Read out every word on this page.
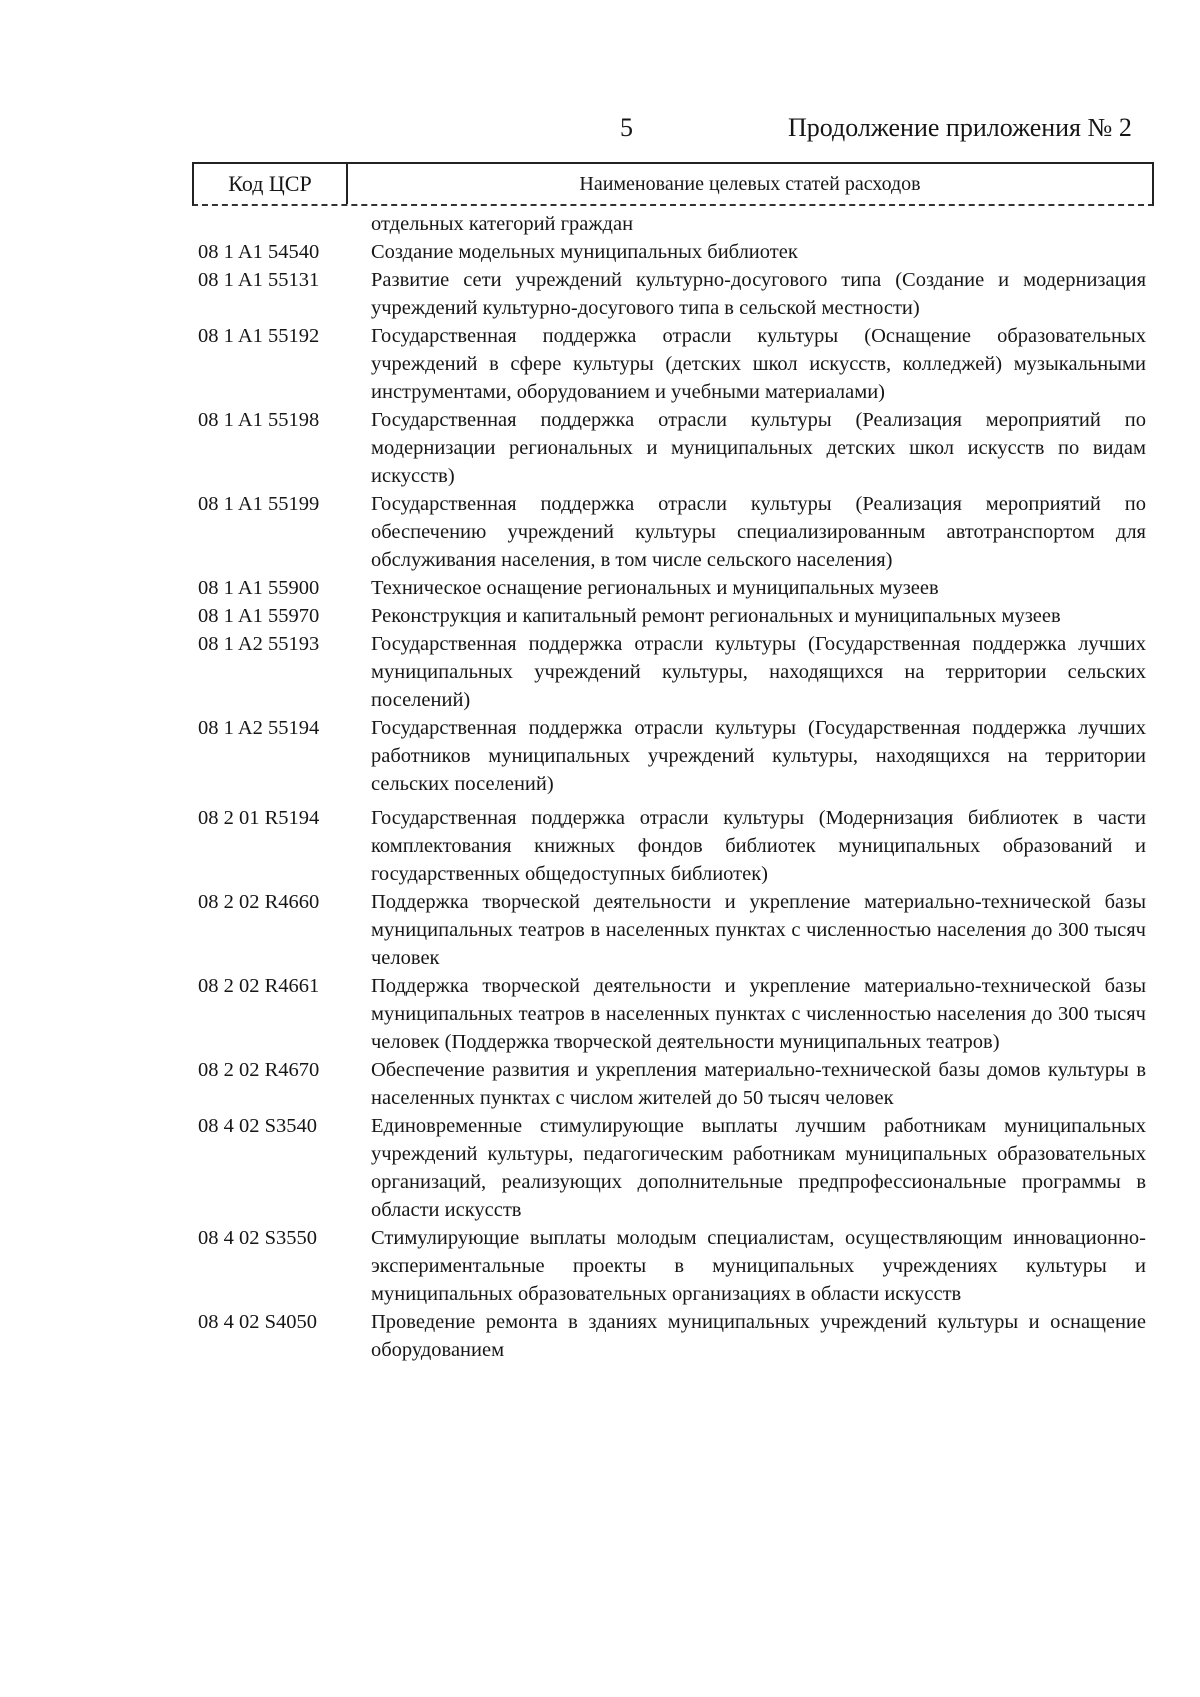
5	Продолжение приложения № 2
Код ЦСР	Наименование целевых статей расходов
отдельных категорий граждан
08 1 A1 54540	Создание модельных муниципальных библиотек
08 1 A1 55131	Развитие сети учреждений культурно-досугового типа (Создание и модернизация учреждений культурно-досугового типа в сельской местности)
08 1 A1 55192	Государственная поддержка отрасли культуры (Оснащение образовательных учреждений в сфере культуры (детских школ искусств, колледжей) музыкальными инструментами, оборудованием и учебными материалами)
08 1 A1 55198	Государственная поддержка отрасли культуры (Реализация мероприятий по модернизации региональных и муниципальных детских школ искусств по видам искусств)
08 1 A1 55199	Государственная поддержка отрасли культуры (Реализация мероприятий по обеспечению учреждений культуры специализированным автотранспортом для обслуживания населения, в том числе сельского населения)
08 1 A1 55900	Техническое оснащение региональных и муниципальных музеев
08 1 A1 55970	Реконструкция и капитальный ремонт региональных и муниципальных музеев
08 1 A2 55193	Государственная поддержка отрасли культуры (Государственная поддержка лучших муниципальных учреждений культуры, находящихся на территории сельских поселений)
08 1 A2 55194	Государственная поддержка отрасли культуры (Государственная поддержка лучших работников муниципальных учреждений культуры, находящихся на территории сельских поселений)
08 2 01 R5194	Государственная поддержка отрасли культуры (Модернизация библиотек в части комплектования книжных фондов библиотек муниципальных образований и государственных общедоступных библиотек)
08 2 02 R4660	Поддержка творческой деятельности и укрепление материально-технической базы муниципальных театров в населенных пунктах с численностью населения до 300 тысяч человек
08 2 02 R4661	Поддержка творческой деятельности и укрепление материально-технической базы муниципальных театров в населенных пунктах с численностью населения до 300 тысяч человек (Поддержка творческой деятельности муниципальных театров)
08 2 02 R4670	Обеспечение развития и укрепления материально-технической базы домов культуры в населенных пунктах с числом жителей до 50 тысяч человек
08 4 02 S3540	Единовременные стимулирующие выплаты лучшим работникам муниципальных учреждений культуры, педагогическим работникам муниципальных образовательных организаций, реализующих дополнительные предпрофессиональные программы в области искусств
08 4 02 S3550	Стимулирующие выплаты молодым специалистам, осуществляющим инновационно-экспериментальные проекты в муниципальных учреждениях культуры и муниципальных образовательных организациях в области искусств
08 4 02 S4050	Проведение ремонта в зданиях муниципальных учреждений культуры и оснащение оборудованием
